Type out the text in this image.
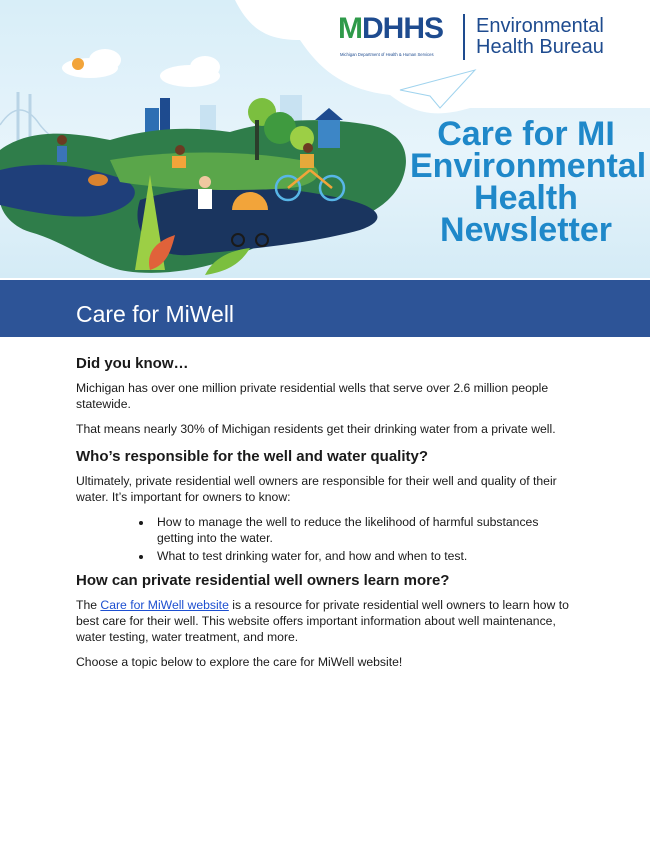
MDHHS
Michigan Department of Health & Human Services
Environmental
Health Bureau
Care for MI Environmental Health Newsletter
Care for MiWell
Did you know…

Michigan has over one million private residential wells that serve over 2.6 million people statewide.

That means nearly 30% of Michigan residents get their drinking water from a private well.

Who’s responsible for the well and water quality?

Ultimately, private residential well owners are responsible for their well and quality of their water. It’s important for owners to know:

• How to manage the well to reduce the likelihood of harmful substances getting into the water.
• What to test drinking water for, and how and when to test.
How can private residential well owners learn more?

The Care for MiWell website is a resource for private residential well owners to learn how to best care for their well. This website offers important information about well maintenance, water testing, water treatment, and more.

Choose a topic below to explore the care for MiWell website!
